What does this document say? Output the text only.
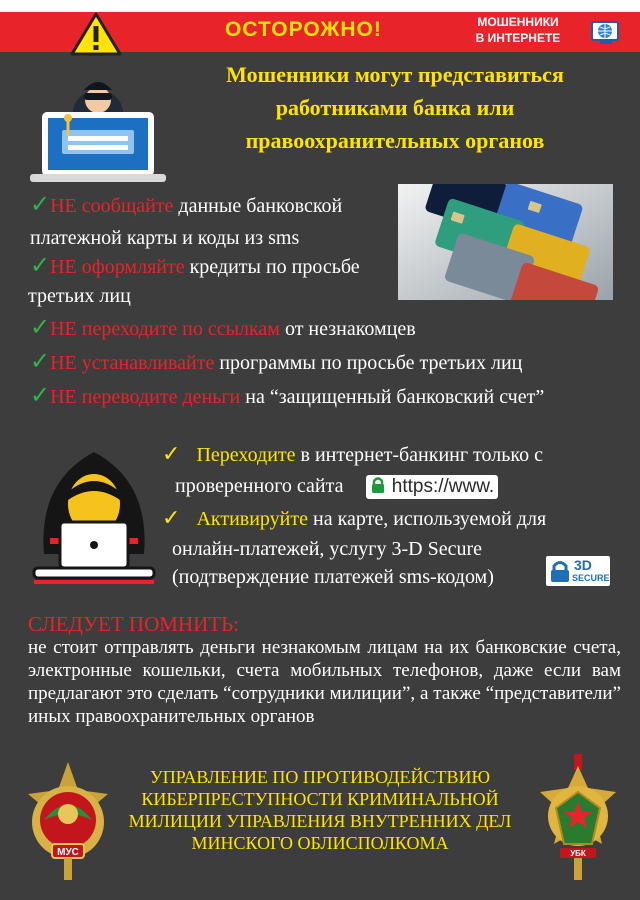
ОСТОРОЖНО!	МОШЕННИКИ
В ИНТЕРНЕТЕ
Мошенники могут представиться
работниками банка или
правоохранительных органов
✓НЕ сообщайте данные банковской
платежной карты и коды из sms
✓НЕ оформляйте кредиты по просьбе
третьих лиц
✓НЕ переходите по ссылкам от незнакомцев
✓НЕ устанавливайте программы по просьбе третьих лиц
✓НЕ переводите деньги на “защищенный банковский счет”
✓ Переходите в интернет-банкинг только с
проверенного сайта	https://www.
✓ Активируйте на карте, используемой для
онлайн-платежей, услугу 3-D Secure
(подтверждение платежей sms-кодом)
3D
SECURE
СЛЕДУЕТ ПОМНИТЬ:
не стоит отправлять деньги незнакомым лицам на их банковские счета, электронные кошельки, счета мобильных телефонов, даже если вам предлагают это сделать “сотрудники милиции”, а также “представители” иных правоохранительных органов
МУС
УПРАВЛЕНИЕ ПО ПРОТИВОДЕЙСТВИЮ
КИБЕРПРЕСТУПНОСТИ КРИМИНАЛЬНОЙ
МИЛИЦИИ УПРАВЛЕНИЯ ВНУТРЕННИХ ДЕЛ
МИНСКОГО ОБЛИСПОЛКОМА
УБК
